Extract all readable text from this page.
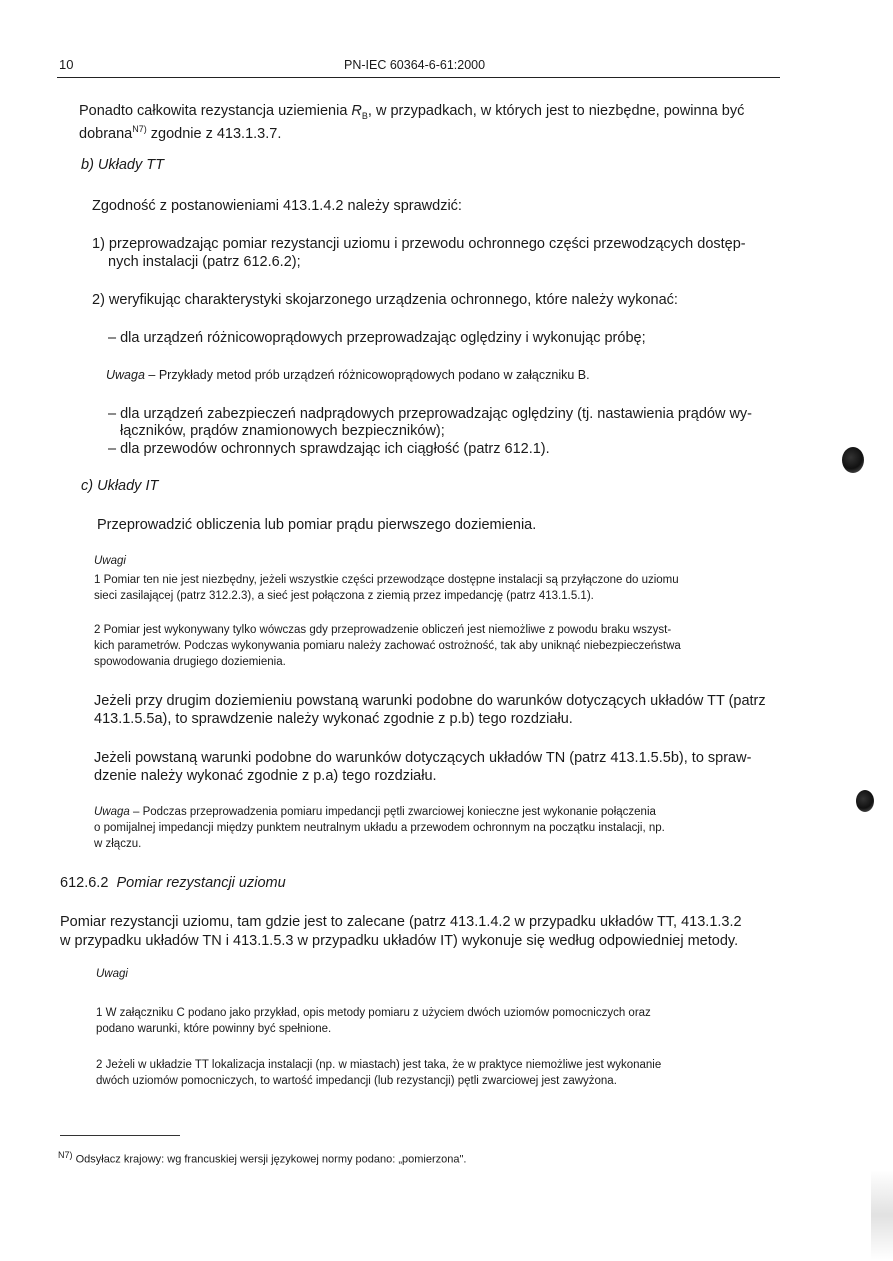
10	PN-IEC 60364-6-61:2000
Ponadto całkowita rezystancja uziemienia $R_B$, w przypadkach, w których jest to niezbędne, powinna być
dobrana$^{N7)}$ zgodnie z 413.1.3.7.
b) Układy TT
Zgodność z postanowieniami 413.1.4.2 należy sprawdzić:
1) przeprowadzając pomiar rezystancji uziomu i przewodu ochronnego części przewodzących dostęp-
nych instalacji (patrz 612.6.2);
2) weryfikując charakterystyki skojarzonego urządzenia ochronnego, które należy wykonać:
– dla urządzeń różnicowoprądowych przeprowadzając oględziny i wykonując próbę;
Uwaga – Przykłady metod prób urządzeń różnicowoprądowych podano w załączniku B.
– dla urządzeń zabezpieczeń nadprądowych przeprowadzając oględziny (tj. nastawienia prądów wy-
łączników, prądów znamionowych bezpieczników);
– dla przewodów ochronnych sprawdzając ich ciągłość (patrz 612.1).
c) Układy IT
Przeprowadzić obliczenia lub pomiar prądu pierwszego doziemienia.
Uwagi
1 Pomiar ten nie jest niezbędny, jeżeli wszystkie części przewodzące dostępne instalacji są przyłączone do uziomu
sieci zasilającej (patrz 312.2.3), a sieć jest połączona z ziemią przez impedancję (patrz 413.1.5.1).
2 Pomiar jest wykonywany tylko wówczas gdy przeprowadzenie obliczeń jest niemożliwe z powodu braku wszyst-
kich parametrów. Podczas wykonywania pomiaru należy zachować ostrożność, tak aby uniknąć niebezpieczeństwa
spowodowania drugiego doziemienia.
Jeżeli przy drugim doziemieniu powstaną warunki podobne do warunków dotyczących układów TT (patrz
413.1.5.5a), to sprawdzenie należy wykonać zgodnie z p.b) tego rozdziału.
Jeżeli powstaną warunki podobne do warunków dotyczących układów TN (patrz 413.1.5.5b), to spraw-
dzenie należy wykonać zgodnie z p.a) tego rozdziału.
Uwaga – Podczas przeprowadzenia pomiaru impedancji pętli zwarciowej konieczne jest wykonanie połączenia
o pomijalnej impedancji między punktem neutralnym układu a przewodem ochronnym na początku instalacji, np.
w złączu.
612.6.2 Pomiar rezystancji uziomu
Pomiar rezystancji uziomu, tam gdzie jest to zalecane (patrz 413.1.4.2 w przypadku układów TT, 413.1.3.2
w przypadku układów TN i 413.1.5.3 w przypadku układów IT) wykonuje się według odpowiedniej metody.
Uwagi
1 W załączniku C podano jako przykład, opis metody pomiaru z użyciem dwóch uziomów pomocniczych oraz
podano warunki, które powinny być spełnione.
2 Jeżeli w układzie TT lokalizacja instalacji (np. w miastach) jest taka, że w praktyce niemożliwe jest wykonanie
dwóch uziomów pomocniczych, to wartość impedancji (lub rezystancji) pętli zwarciowej jest zawyżona.
$^{N7)}$ Odsyłacz krajowy: wg francuskiej wersji językowej normy podano: „pomierzona".
